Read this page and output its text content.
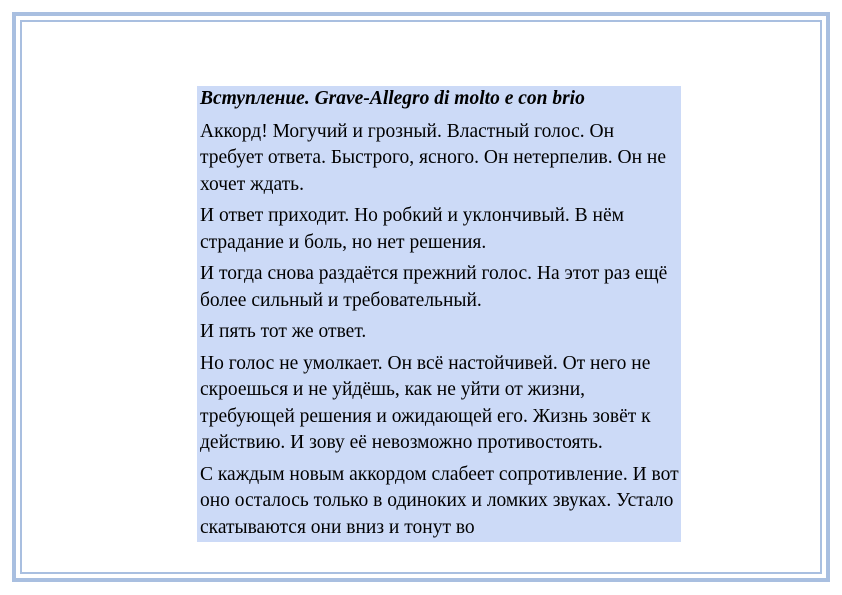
Вступление. Grave-Allegro di molto e con brio

Аккорд! Могучий и грозный. Властный голос. Он требует ответа. Быстрого, ясного. Он нетерпелив. Он не хочет ждать.

И ответ приходит. Но робкий и уклончивый. В нём страдание и боль, но нет решения.

И тогда снова раздаётся прежний голос. На этот раз ещё более сильный и требовательный.

И пять тот же ответ.

Но голос не умолкает. Он всё настойчивей. От него не скроешься и не уйдёшь, как не уйти от жизни, требующей решения и ожидающей его. Жизнь зовёт к действию. И зову её невозможно противостоять.

С каждым новым аккордом слабеет сопротивление. И вот оно осталось только в одиноких и ломких звуках. Устало скатываются они вниз и тонут во
